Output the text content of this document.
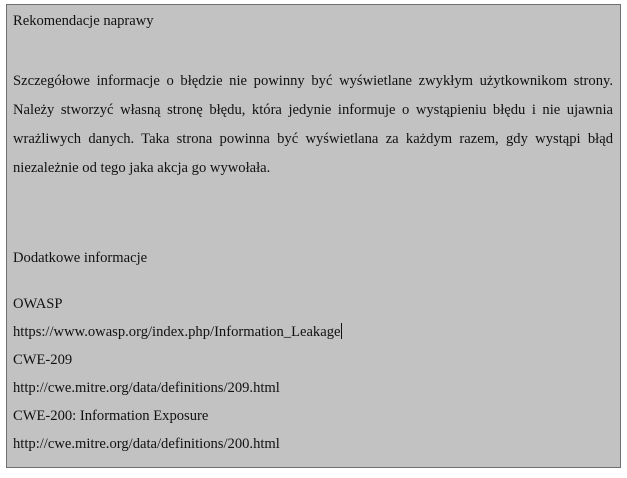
Rekomendacje naprawy
Szczegółowe informacje o błędzie nie powinny być wyświetlane zwykłym użytkownikom strony. Należy stworzyć własną stronę błędu, która jedynie informuje o wystąpieniu błędu i nie ujawnia wrażliwych danych. Taka strona powinna być wyświetlana za każdym razem, gdy wystąpi błąd niezależnie od tego jaka akcja go wywołała.
Dodatkowe informacje
OWASP
https://www.owasp.org/index.php/Information_Leakage
CWE-209
http://cwe.mitre.org/data/definitions/209.html
CWE-200: Information Exposure
http://cwe.mitre.org/data/definitions/200.html
